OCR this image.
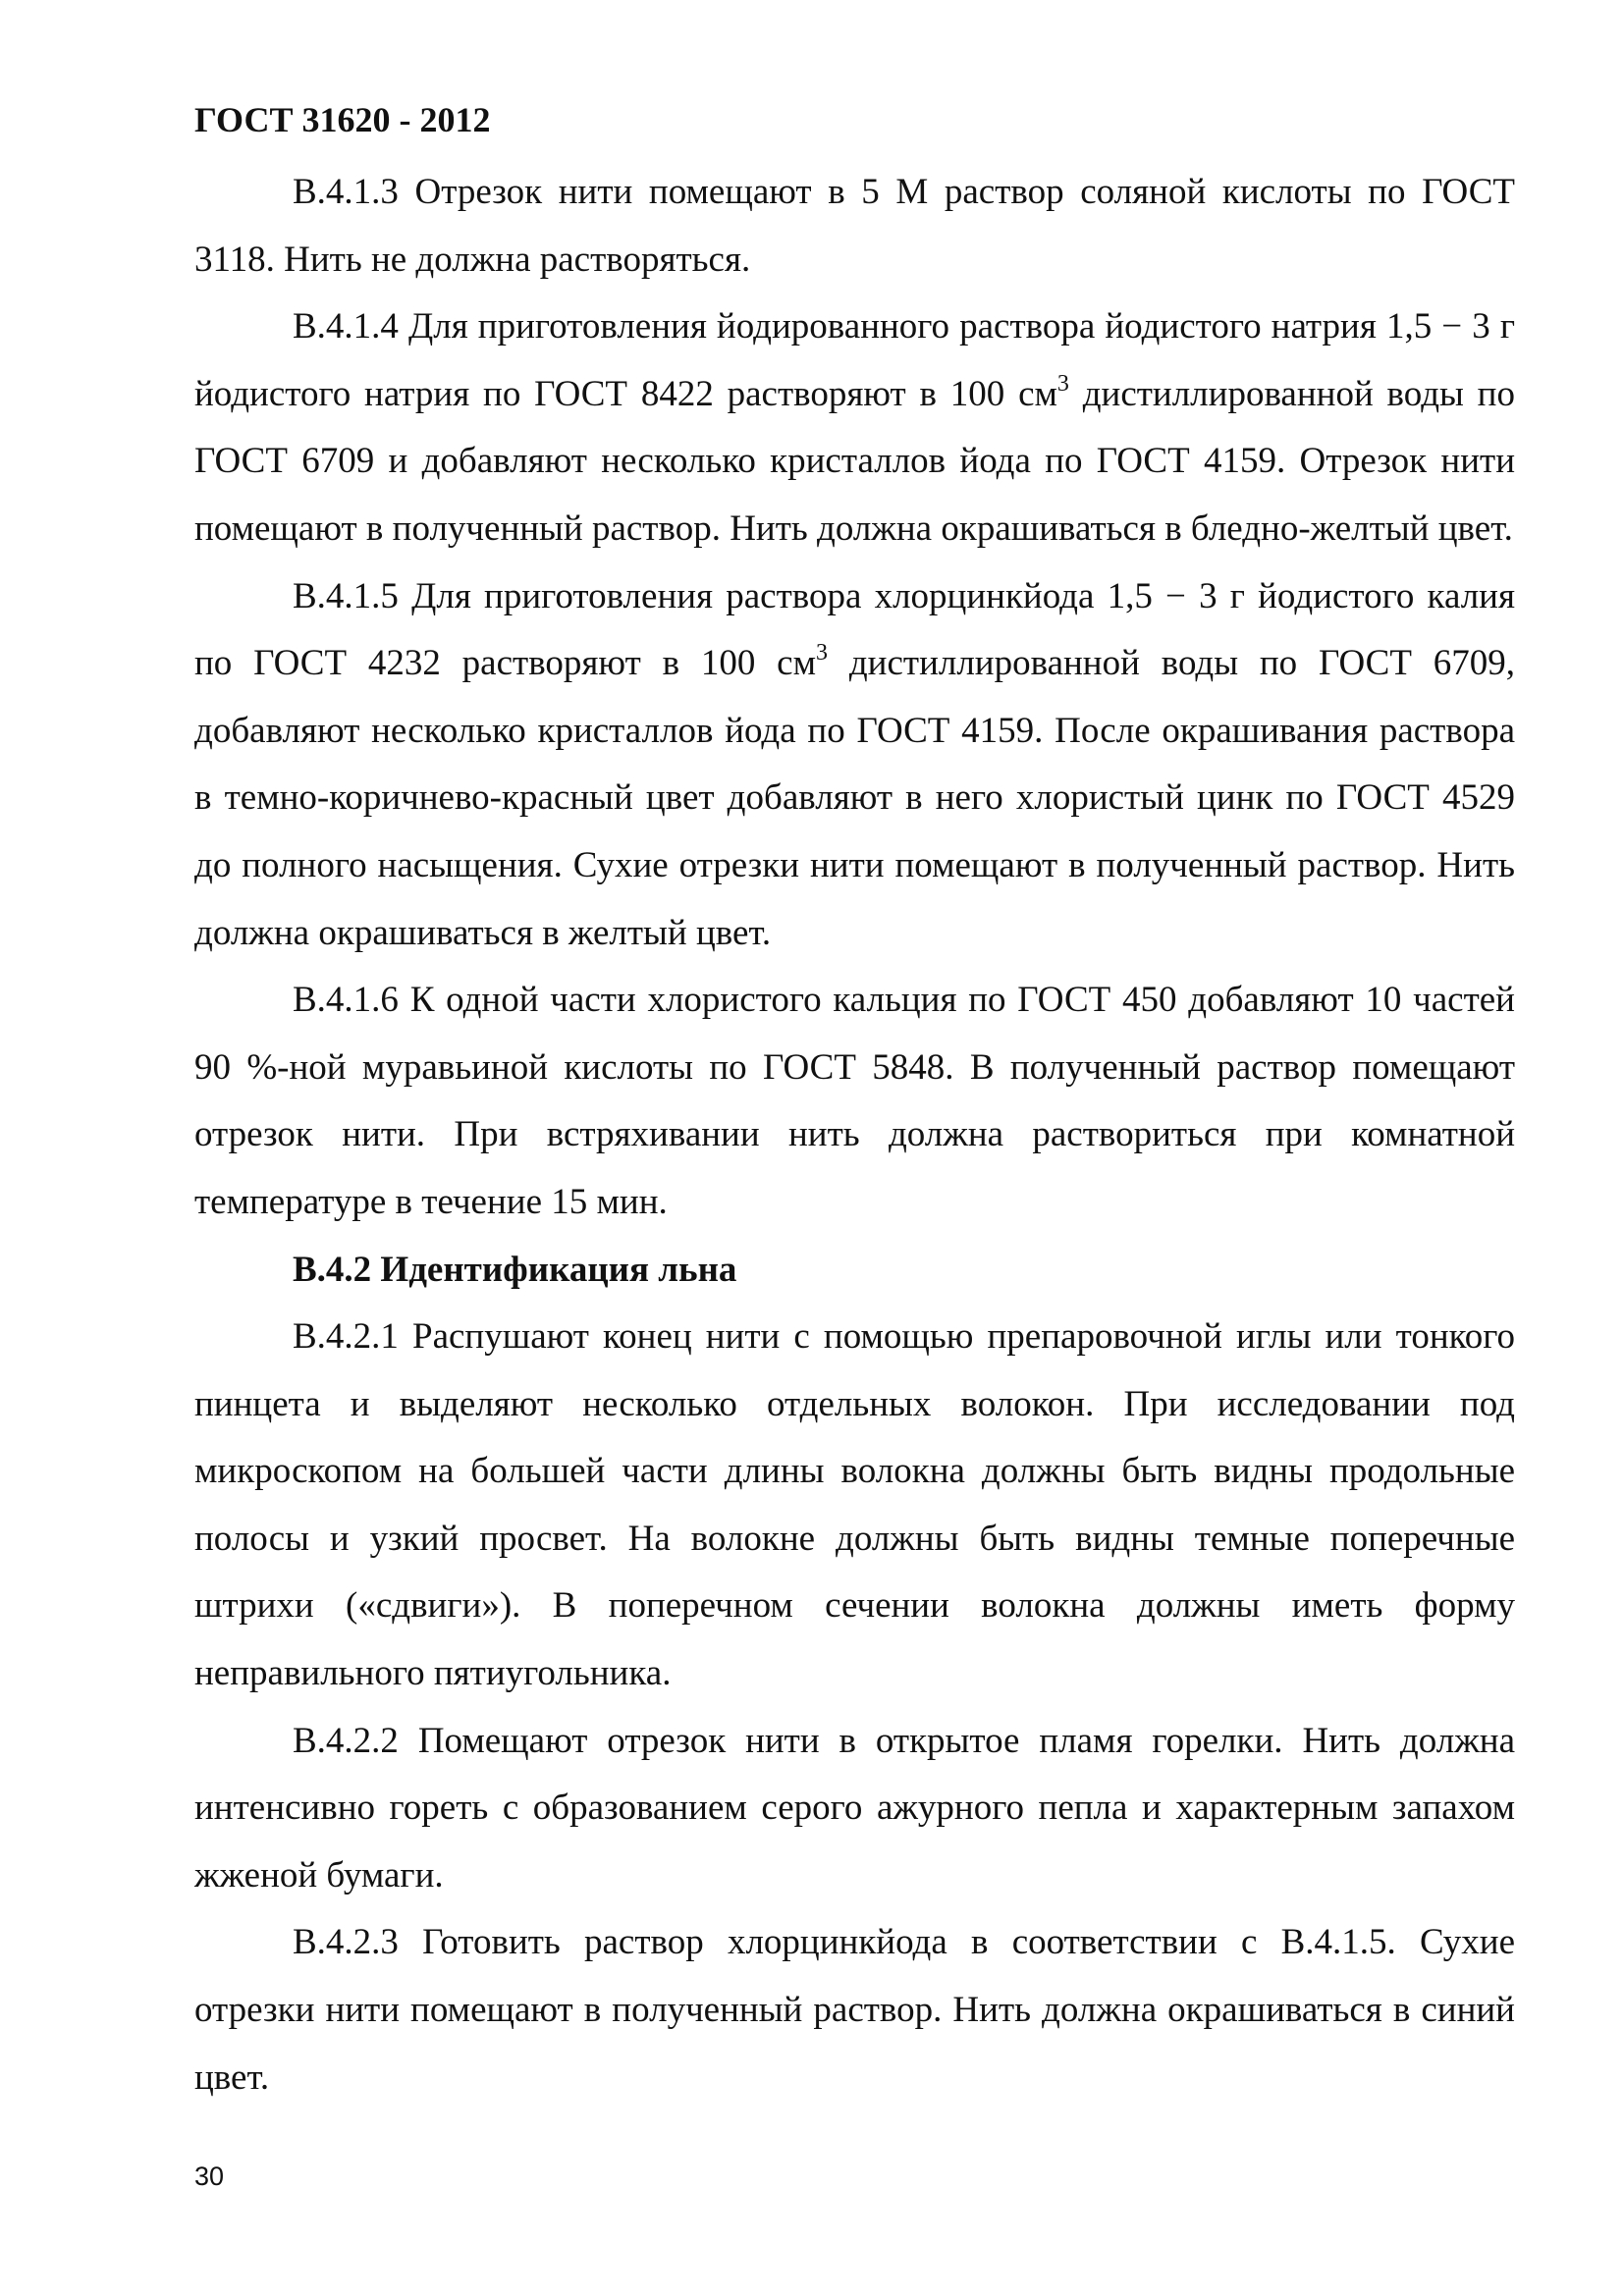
ГОСТ 31620 - 2012

В.4.1.3 Отрезок нити помещают в 5 М раствор соляной кислоты по ГОСТ 3118. Нить не должна растворяться.

В.4.1.4 Для приготовления йодированного раствора йодистого натрия 1,5 − 3 г йодистого натрия по ГОСТ 8422 растворяют в 100 $см^3$ дистиллированной воды по ГОСТ 6709 и добавляют несколько кристаллов йода по ГОСТ 4159. Отрезок нити помещают в полученный раствор. Нить должна окрашиваться в бледно-желтый цвет.

В.4.1.5 Для приготовления раствора хлорцинкйода 1,5 − 3 г йодистого калия по ГОСТ 4232 растворяют в 100 $см^3$ дистиллированной воды по ГОСТ 6709, добавляют несколько кристаллов йода по ГОСТ 4159. После окрашивания раствора в темно-коричнево-красный цвет добавляют в него хлористый цинк по ГОСТ 4529 до полного насыщения. Сухие отрезки нити помещают в полученный раствор. Нить должна окрашиваться в желтый цвет.

В.4.1.6 К одной части хлористого кальция по ГОСТ 450 добавляют 10 частей 90 %-ной муравьиной кислоты по ГОСТ 5848. В полученный раствор помещают отрезок нити. При встряхивании нить должна раствориться при комнатной температуре в течение 15 мин.

В.4.2 Идентификация льна

В.4.2.1 Распушают конец нити с помощью препаровочной иглы или тонкого пинцета и выделяют несколько отдельных волокон. При исследовании под микроскопом на большей части длины волокна должны быть видны продольные полосы и узкий просвет. На волокне должны быть видны темные поперечные штрихи («сдвиги»). В поперечном сечении волокна должны иметь форму неправильного пятиугольника.

В.4.2.2 Помещают отрезок нити в открытое пламя горелки. Нить должна интенсивно гореть с образованием серого ажурного пепла и характерным запахом жженой бумаги.

В.4.2.3 Готовить раствор хлорцинкйода в соответствии с В.4.1.5. Сухие отрезки нити помещают в полученный раствор. Нить должна окрашиваться в синий цвет.

30
